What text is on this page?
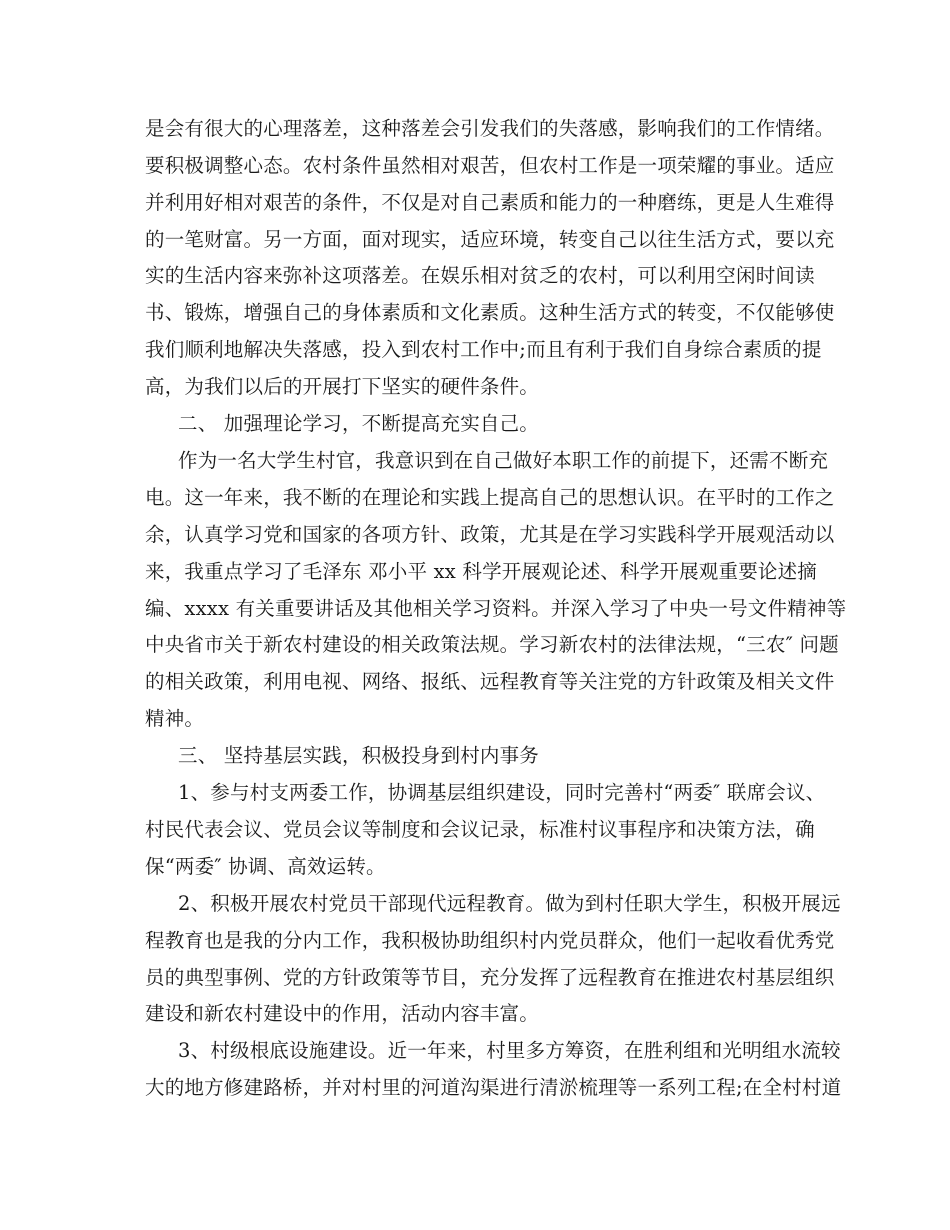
是会有很大的心理落差，这种落差会引发我们的失落感，影响我们的工作情绪。
要积极调整心态。农村条件虽然相对艰苦，但农村工作是一项荣耀的事业。适应
并利用好相对艰苦的条件，不仅是对自己素质和能力的一种磨练，更是人生难得
的一笔财富。另一方面，面对现实，适应环境，转变自己以往生活方式，要以充
实的生活内容来弥补这项落差。在娱乐相对贫乏的农村，可以利用空闲时间读
书、锻炼，增强自己的身体素质和文化素质。这种生活方式的转变，不仅能够使
我们顺利地解决失落感，投入到农村工作中;而且有利于我们自身综合素质的提
高，为我们以后的开展打下坚实的硬件条件。
二、 加强理论学习，不断提高充实自己。
作为一名大学生村官，我意识到在自己做好本职工作的前提下，还需不断充
电。这一年来，我不断的在理论和实践上提高自己的思想认识。在平时的工作之
余，认真学习党和国家的各项方针、政策，尤其是在学习实践科学开展观活动以
来，我重点学习了毛泽东 邓小平 xx 科学开展观论述、科学开展观重要论述摘
编、xxxx 有关重要讲话及其他相关学习资料。并深入学习了中央一号文件精神等
中央省市关于新农村建设的相关政策法规。学习新农村的法律法规，“三农″ 问题
的相关政策，利用电视、网络、报纸、远程教育等关注党的方针政策及相关文件
精神。
三、 坚持基层实践，积极投身到村内事务
1、参与村支两委工作，协调基层组织建设，同时完善村“两委″ 联席会议、
村民代表会议、党员会议等制度和会议记录，标准村议事程序和决策方法，确
保“两委″ 协调、高效运转。
2、积极开展农村党员干部现代远程教育。做为到村任职大学生，积极开展远
程教育也是我的分内工作，我积极协助组织村内党员群众，他们一起收看优秀党
员的典型事例、党的方针政策等节目，充分发挥了远程教育在推进农村基层组织
建设和新农村建设中的作用，活动内容丰富。
3、村级根底设施建设。近一年来，村里多方筹资，在胜利组和光明组水流较
大的地方修建路桥，并对村里的河道沟渠进行清淤梳理等一系列工程;在全村村道
